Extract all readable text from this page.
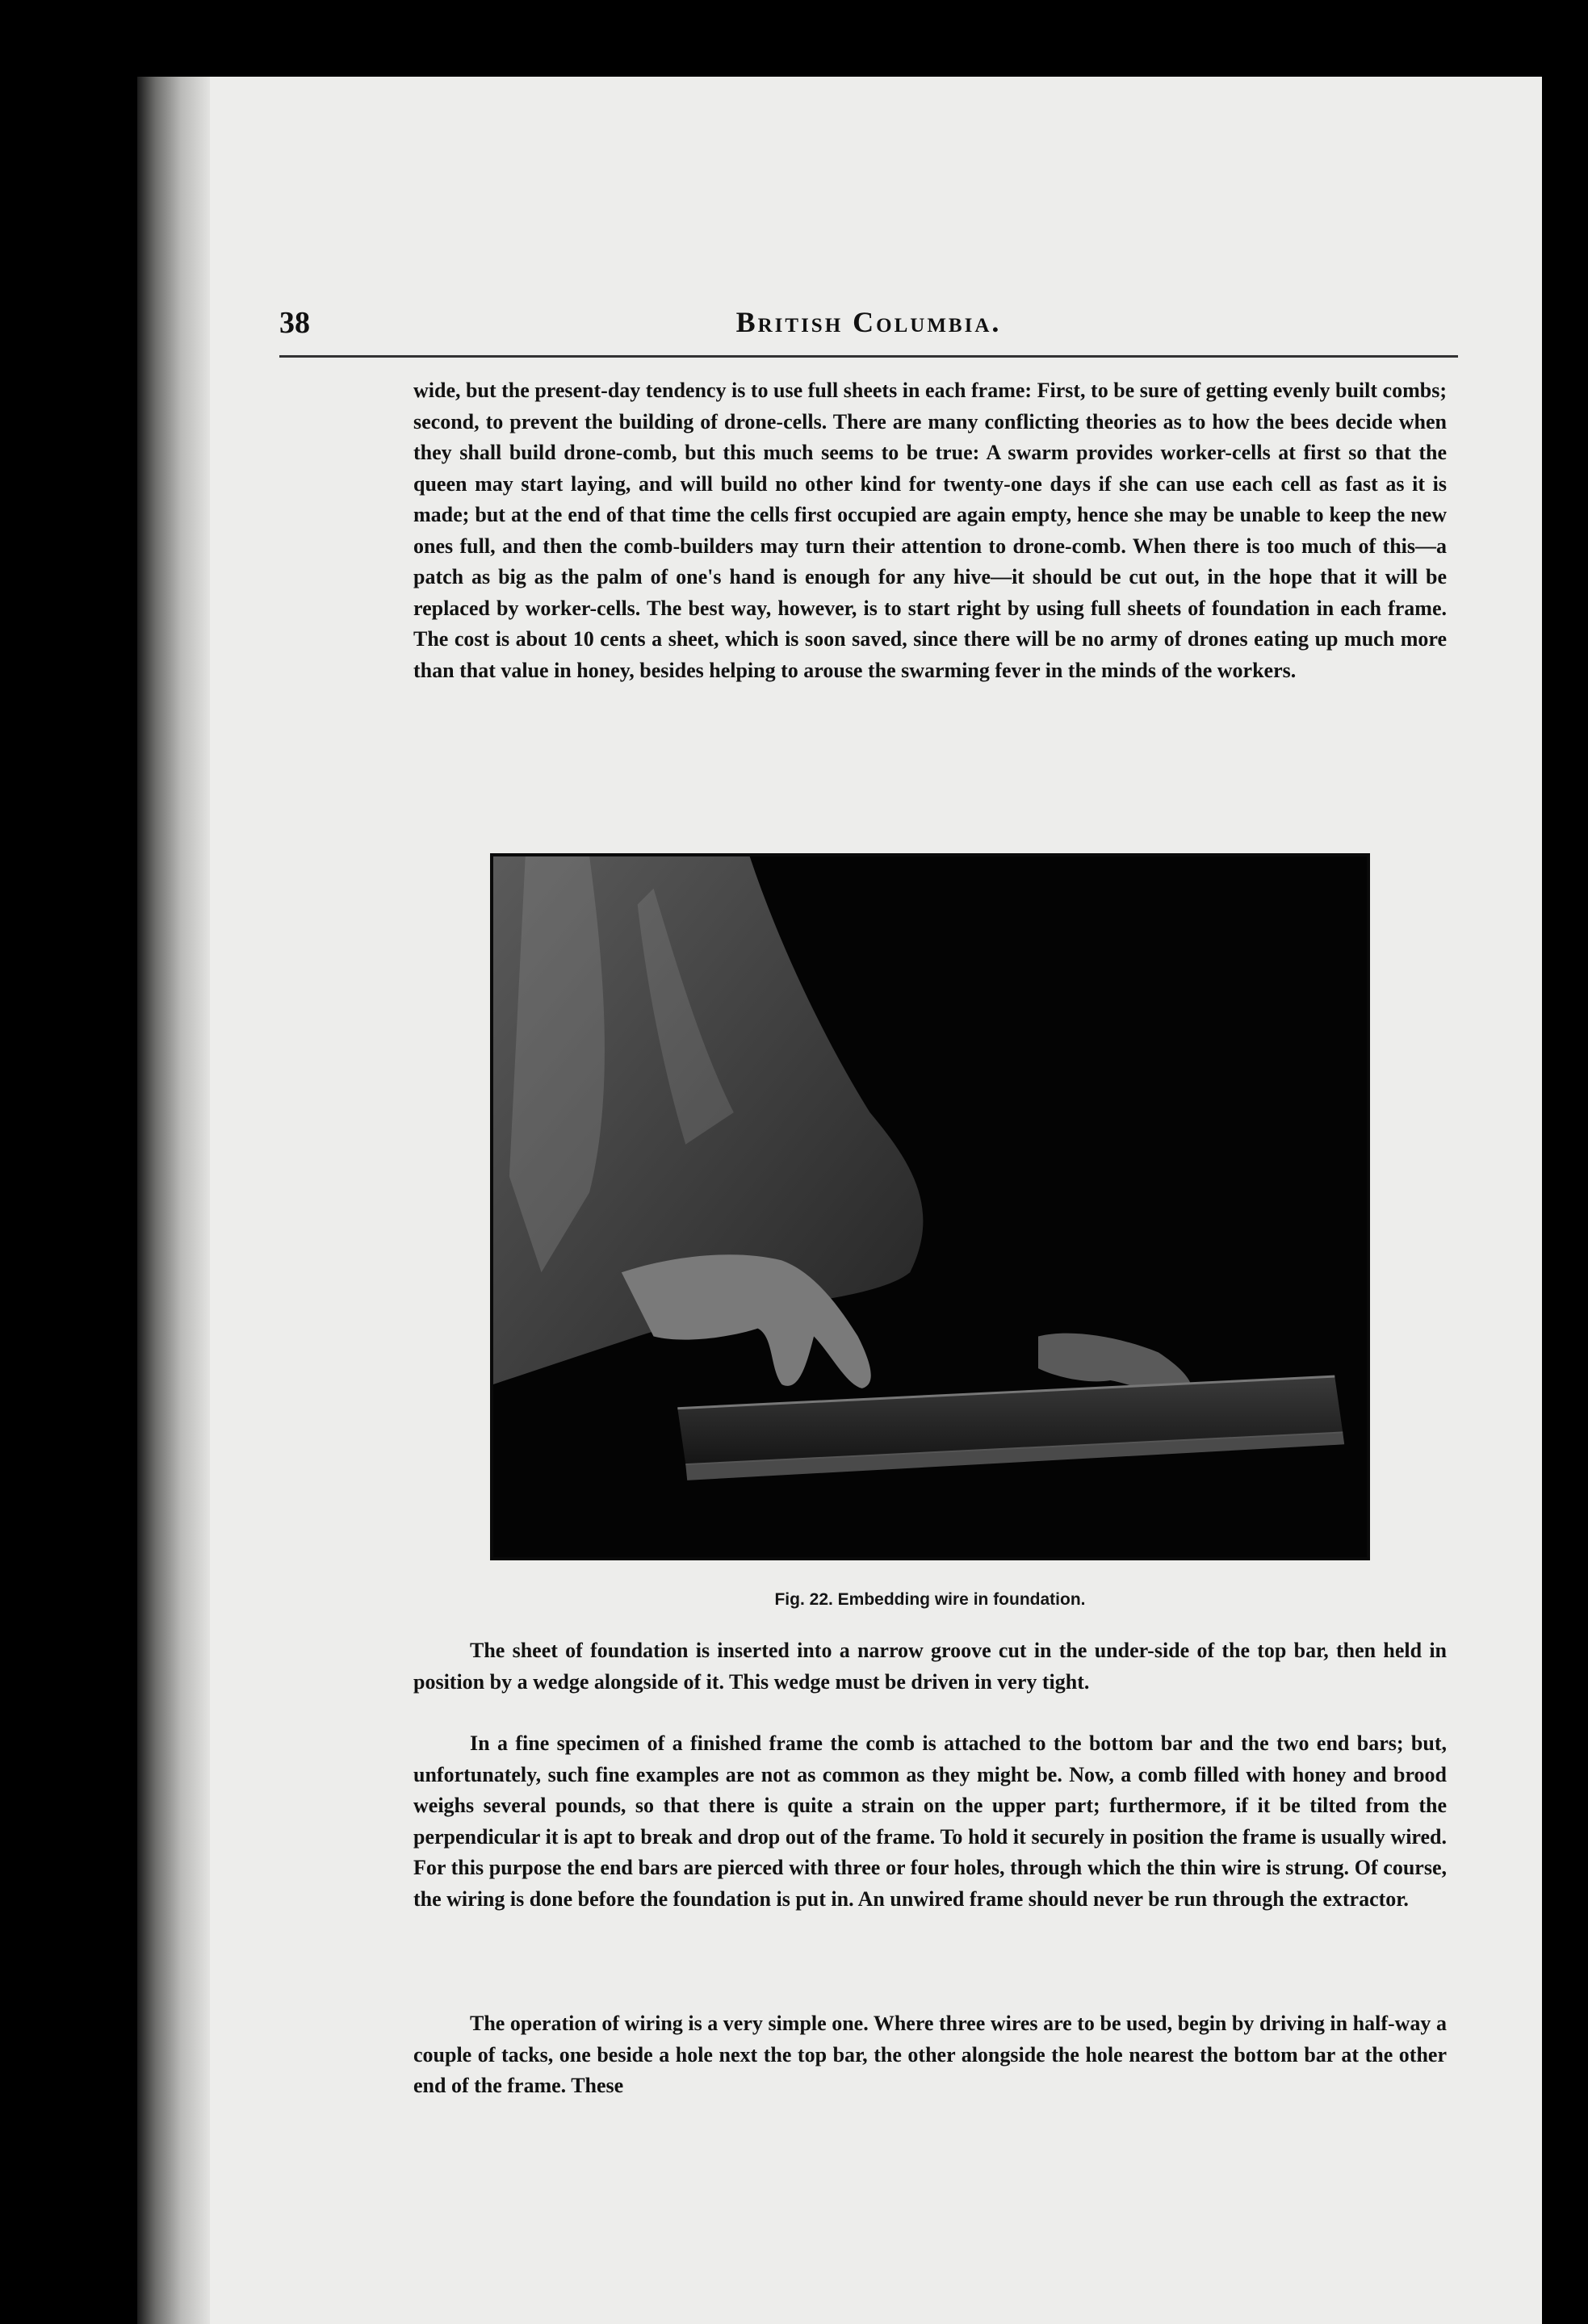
38	British Columbia.

wide, but the present-day tendency is to use full sheets in each frame: First, to be sure of getting evenly built combs; second, to prevent the building of drone-cells. There are many conflicting theories as to how the bees decide when they shall build drone-comb, but this much seems to be true: A swarm provides worker-cells at first so that the queen may start laying, and will build no other kind for twenty-one days if she can use each cell as fast as it is made; but at the end of that time the cells first occupied are again empty, hence she may be unable to keep the new ones full, and then the comb-builders may turn their attention to drone-comb. When there is too much of this—a patch as big as the palm of one's hand is enough for any hive—it should be cut out, in the hope that it will be replaced by worker-cells. The best way, however, is to start right by using full sheets of foundation in each frame. The cost is about 10 cents a sheet, which is soon saved, since there will be no army of drones eating up much more than that value in honey, besides helping to arouse the swarming fever in the minds of the workers.

Fig. 22. Embedding wire in foundation.

The sheet of foundation is inserted into a narrow groove cut in the under-side of the top bar, then held in position by a wedge alongside of it. This wedge must be driven in very tight.

In a fine specimen of a finished frame the comb is attached to the bottom bar and the two end bars; but, unfortunately, such fine examples are not as common as they might be. Now, a comb filled with honey and brood weighs several pounds, so that there is quite a strain on the upper part; furthermore, if it be tilted from the perpendicular it is apt to break and drop out of the frame. To hold it securely in position the frame is usually wired. For this purpose the end bars are pierced with three or four holes, through which the thin wire is strung. Of course, the wiring is done before the foundation is put in. An unwired frame should never be run through the extractor.

The operation of wiring is a very simple one. Where three wires are to be used, begin by driving in half-way a couple of tacks, one beside a hole next the top bar, the other alongside the hole nearest the bottom bar at the other end of the frame. These
